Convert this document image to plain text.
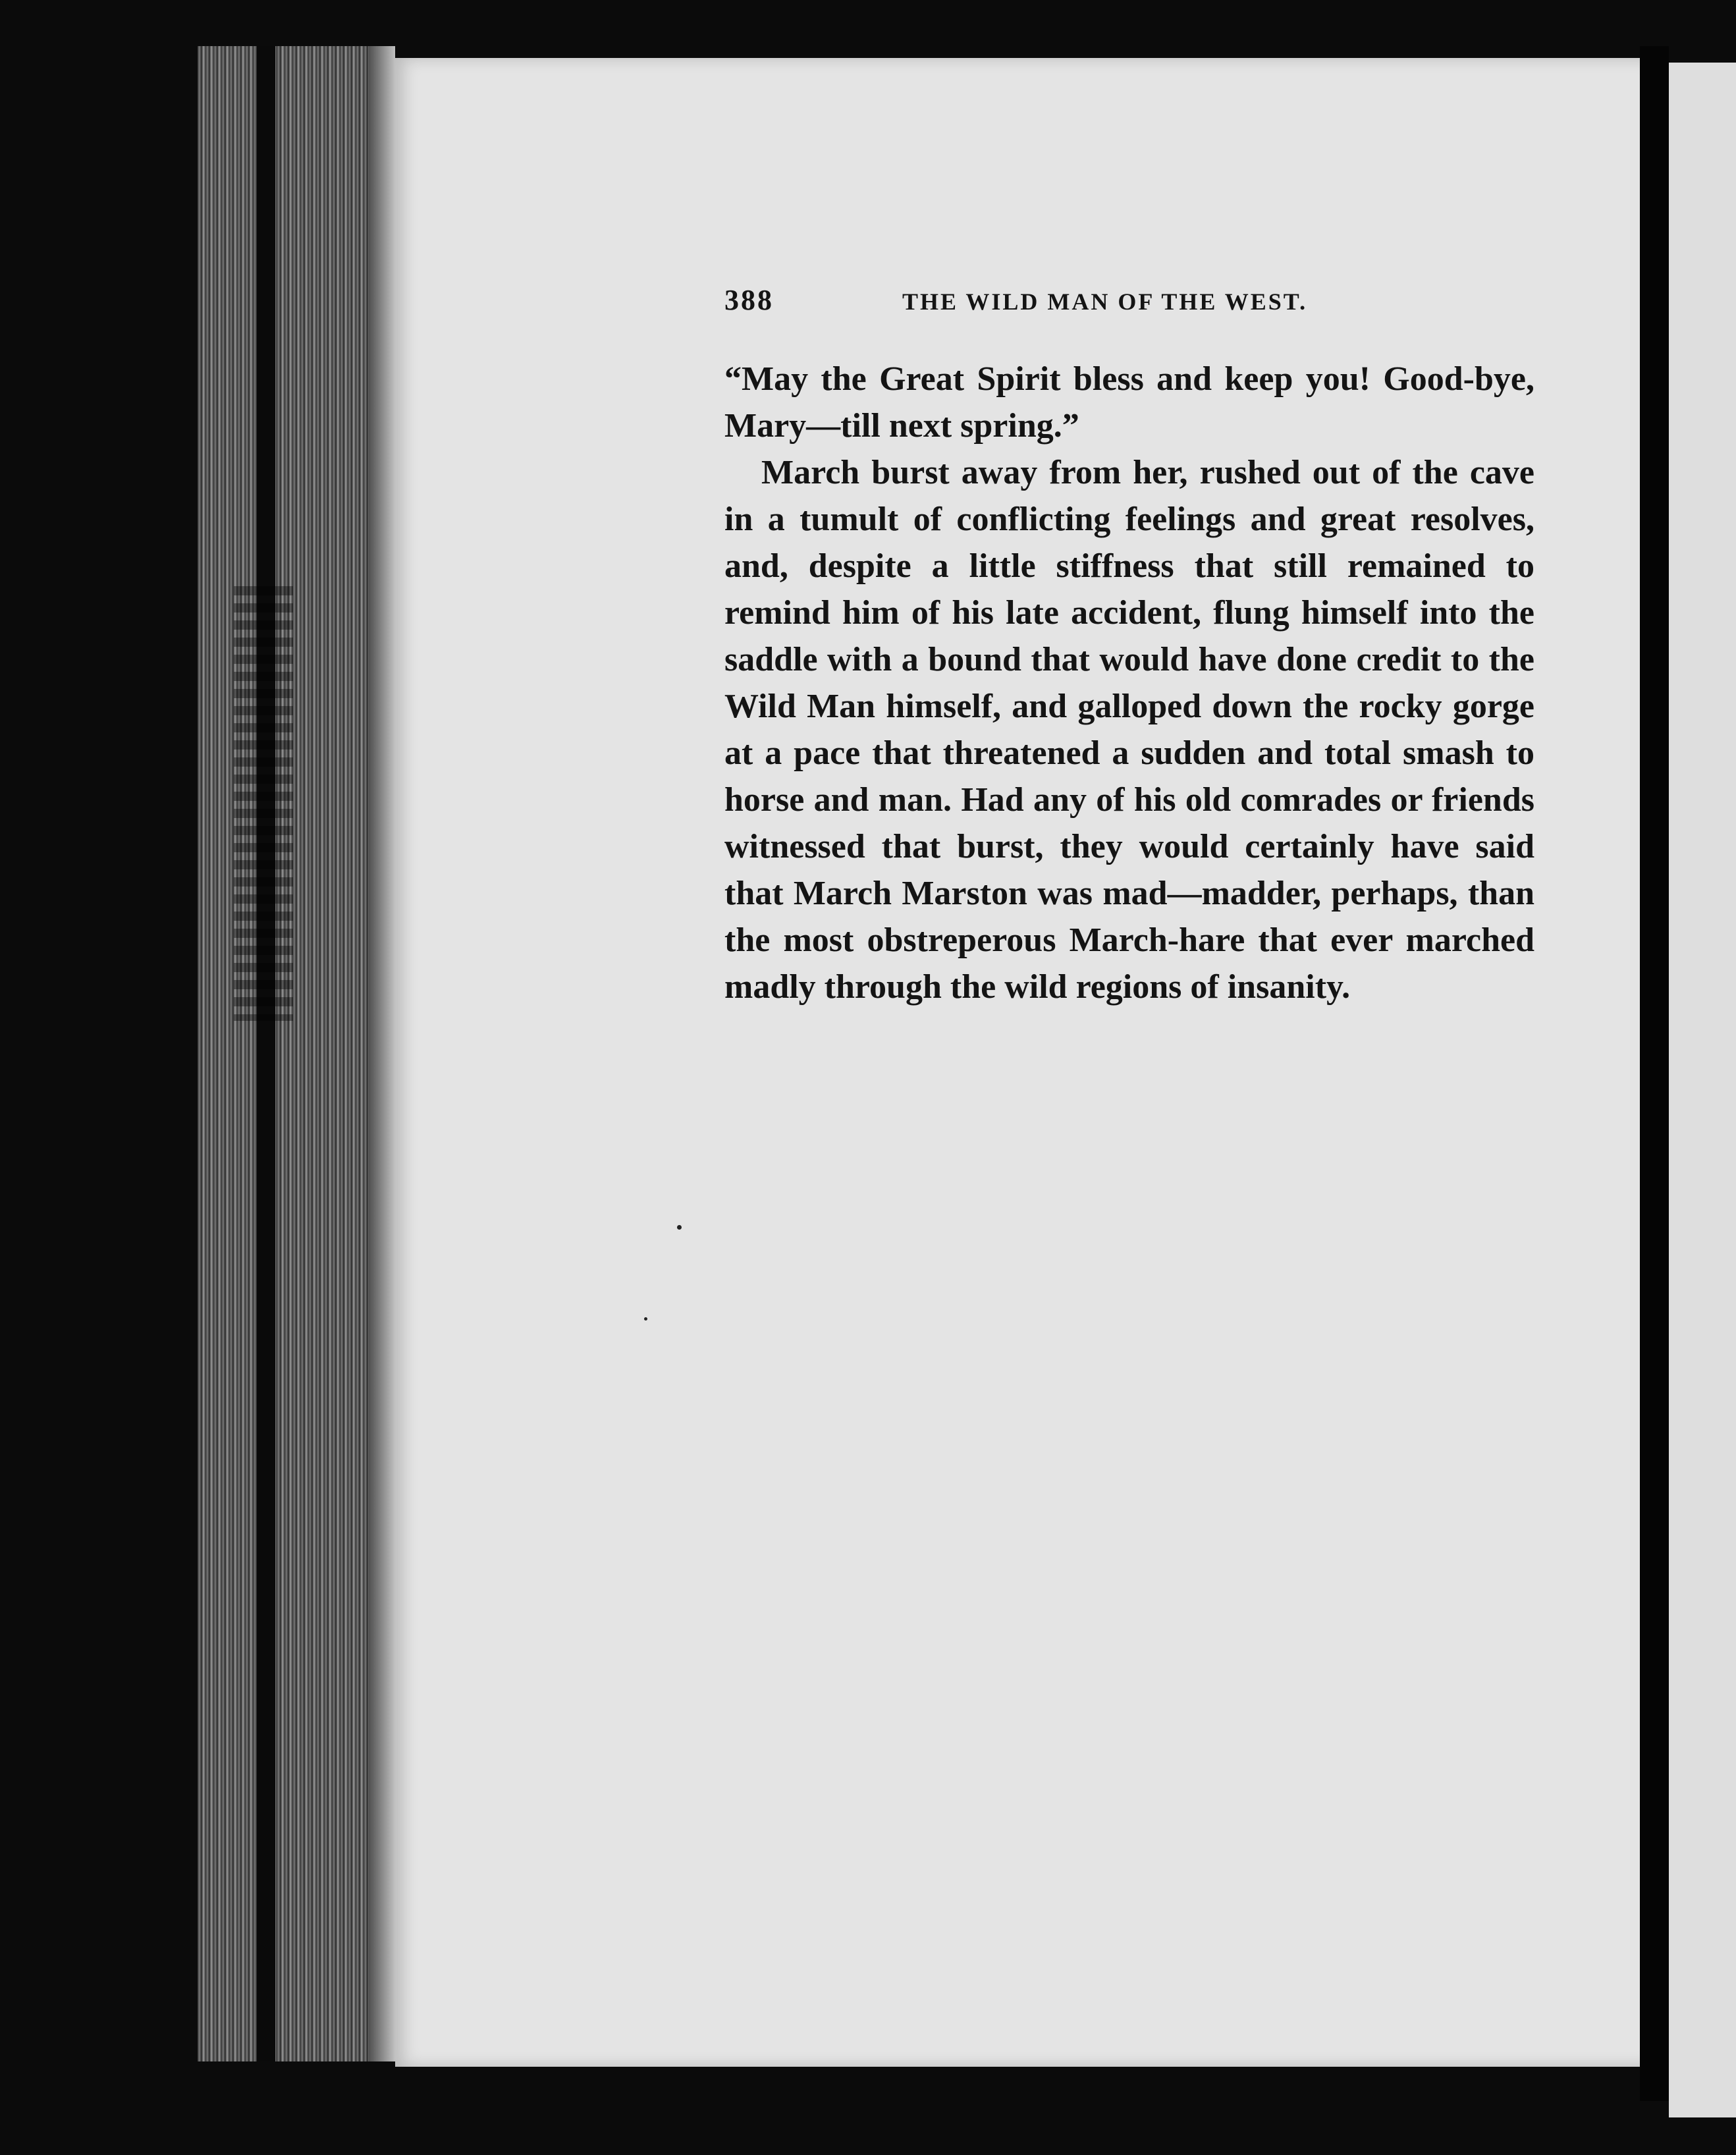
388	THE WILD MAN OF THE WEST.

“May the Great Spirit bless and keep you! Good-bye, Mary—till next spring.”

March burst away from her, rushed out of the cave in a tumult of conflicting feelings and great resolves, and, despite a little stiffness that still remained to remind him of his late accident, flung himself into the saddle with a bound that would have done credit to the Wild Man himself, and galloped down the rocky gorge at a pace that threatened a sudden and total smash to horse and man. Had any of his old comrades or friends witnessed that burst, they would certainly have said that March Marston was mad—madder, perhaps, than the most obstreperous March-hare that ever marched madly through the wild regions of insanity.
